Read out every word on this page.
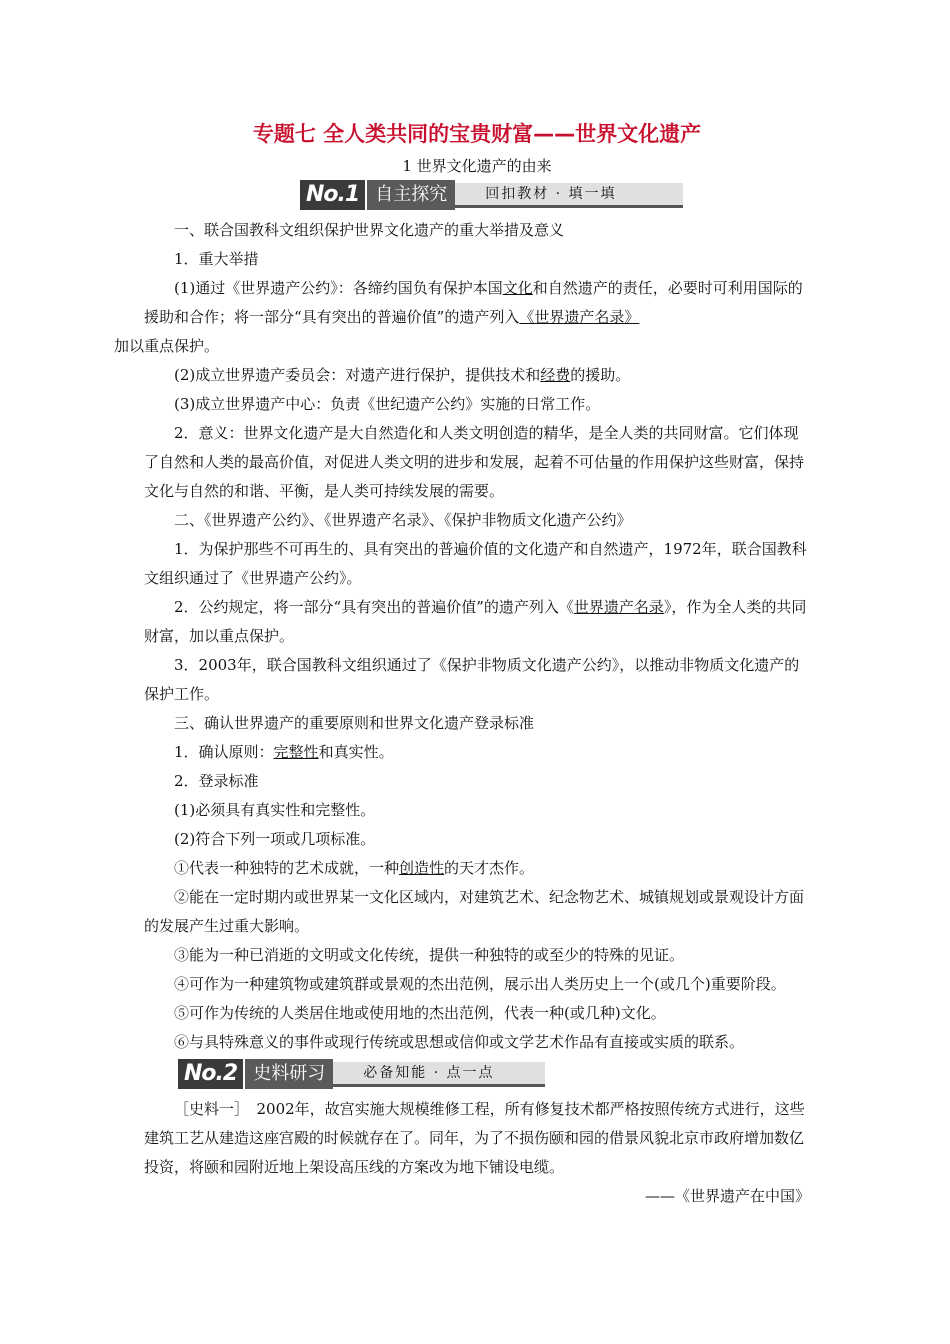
专题七 全人类共同的宝贵财富——世界文化遗产
1 世界文化遗产的由来
No.1 自主探究	回扣教材 · 填一填

一、联合国教科文组织保护世界文化遗产的重大举措及意义

1．重大举措

(1)通过《世界遗产公约》：各缔约国负有保护本国文化和自然遗产的责任，必要时可利用国际的援助和合作；将一部分“具有突出的普遍价值”的遗产列入《世界遗产名录》
加以重点保护。

(2)成立世界遗产委员会：对遗产进行保护，提供技术和经费的援助。

(3)成立世界遗产中心：负责《世纪遗产公约》实施的日常工作。

2．意义：世界文化遗产是大自然造化和人类文明创造的精华，是全人类的共同财富。它们体现了自然和人类的最高价值，对促进人类文明的进步和发展，起着不可估量的作用保护这些财富，保持文化与自然的和谐、平衡，是人类可持续发展的需要。

二、《世界遗产公约》、《世界遗产名录》、《保护非物质文化遗产公约》

1．为保护那些不可再生的、具有突出的普遍价值的文化遗产和自然遗产，1972年，联合国教科文组织通过了《世界遗产公约》。

2．公约规定，将一部分“具有突出的普遍价值”的遗产列入《世界遗产名录》，作为全人类的共同财富，加以重点保护。

3．2003年，联合国教科文组织通过了《保护非物质文化遗产公约》，以推动非物质文化遗产的保护工作。

三、确认世界遗产的重要原则和世界文化遗产登录标准

1．确认原则：完整性和真实性。

2．登录标准

(1)必须具有真实性和完整性。

(2)符合下列一项或几项标准。

①代表一种独特的艺术成就，一种创造性的天才杰作。

②能在一定时期内或世界某一文化区域内，对建筑艺术、纪念物艺术、城镇规划或景观设计方面的发展产生过重大影响。

③能为一种已消逝的文明或文化传统，提供一种独特的或至少的特殊的见证。

④可作为一种建筑物或建筑群或景观的杰出范例，展示出人类历史上一个(或几个)重要阶段。

⑤可作为传统的人类居住地或使用地的杰出范例，代表一种(或几种)文化。

⑥与具特殊意义的事件或现行传统或思想或信仰或文学艺术作品有直接或实质的联系。

No.2 史料研习	必备知能 · 点一点

［史料一］　2002年，故宫实施大规模维修工程，所有修复技术都严格按照传统方式进行，这些建筑工艺从建造这座宫殿的时候就存在了。同年，为了不损伤颐和园的借景风貌北京市政府增加数亿投资，将颐和园附近地上架设高压线的方案改为地下铺设电缆。

——《世界遗产在中国》
